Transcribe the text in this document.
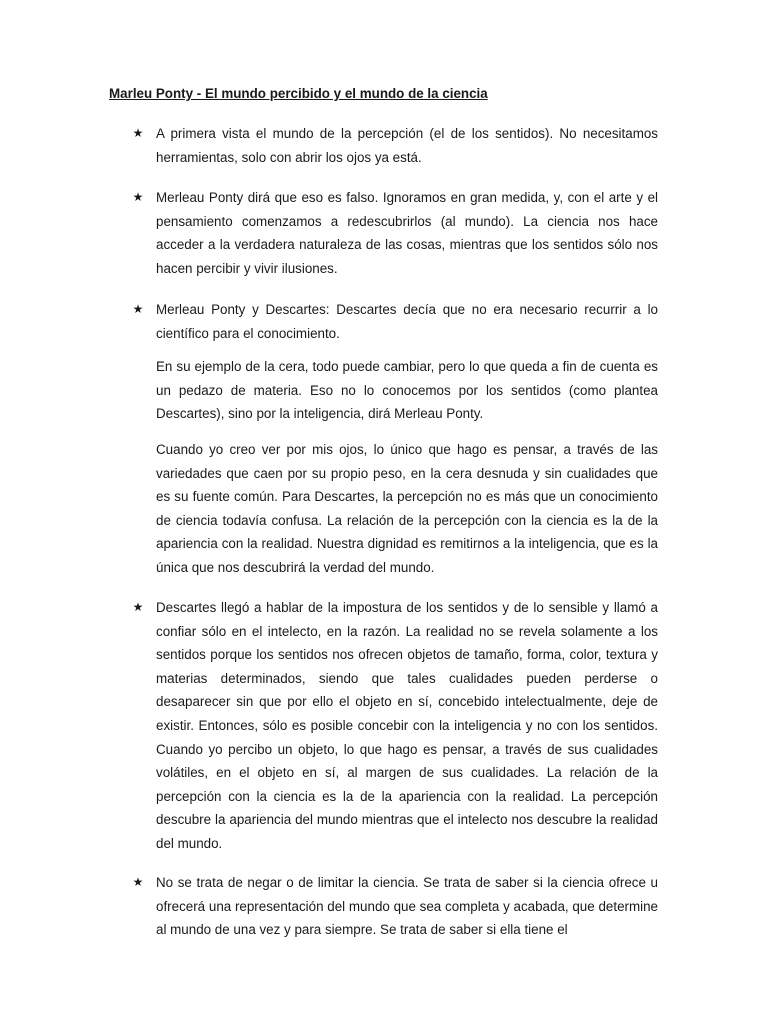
Marleu Ponty - El mundo percibido y el mundo de la ciencia
★ A primera vista el mundo de la percepción (el de los sentidos). No necesitamos herramientas, solo con abrir los ojos ya está.

★ Merleau Ponty dirá que eso es falso. Ignoramos en gran medida, y, con el arte y el pensamiento comenzamos a redescubrirlos (al mundo). La ciencia nos hace acceder a la verdadera naturaleza de las cosas, mientras que los sentidos sólo nos hacen percibir y vivir ilusiones.

★ Merleau Ponty y Descartes: Descartes decía que no era necesario recurrir a lo científico para el conocimiento.

En su ejemplo de la cera, todo puede cambiar, pero lo que queda a fin de cuenta es un pedazo de materia. Eso no lo conocemos por los sentidos (como plantea Descartes), sino por la inteligencia, dirá Merleau Ponty.

Cuando yo creo ver por mis ojos, lo único que hago es pensar, a través de las variedades que caen por su propio peso, en la cera desnuda y sin cualidades que es su fuente común. Para Descartes, la percepción no es más que un conocimiento de ciencia todavía confusa. La relación de la percepción con la ciencia es la de la apariencia con la realidad. Nuestra dignidad es remitirnos a la inteligencia, que es la única que nos descubrirá la verdad del mundo.

★ Descartes llegó a hablar de la impostura de los sentidos y de lo sensible y llamó a confiar sólo en el intelecto, en la razón. La realidad no se revela solamente a los sentidos porque los sentidos nos ofrecen objetos de tamaño, forma, color, textura y materias determinados, siendo que tales cualidades pueden perderse o desaparecer sin que por ello el objeto en sí, concebido intelectualmente, deje de existir. Entonces, sólo es posible concebir con la inteligencia y no con los sentidos. Cuando yo percibo un objeto, lo que hago es pensar, a través de sus cualidades volátiles, en el objeto en sí, al margen de sus cualidades. La relación de la percepción con la ciencia es la de la apariencia con la realidad. La percepción descubre la apariencia del mundo mientras que el intelecto nos descubre la realidad del mundo.

★ No se trata de negar o de limitar la ciencia. Se trata de saber si la ciencia ofrece u ofrecerá una representación del mundo que sea completa y acabada, que determine al mundo de una vez y para siempre. Se trata de saber si ella tiene el
